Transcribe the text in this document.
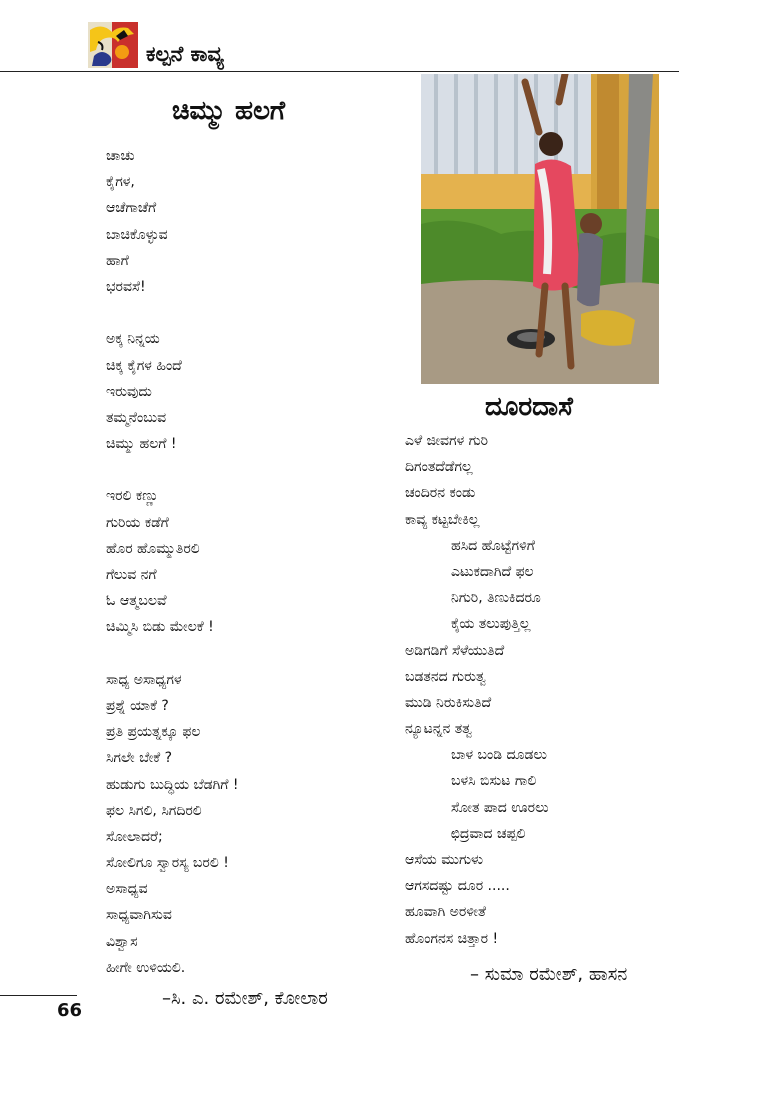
ಕಲ್ಪನೆ ಕಾವ್ಯ
ಚಿಮ್ಮು ಹಲಗೆ
ಚಾಚು
ಕೈಗಳ,
ಆಚೆಗಾಚೆಗೆ
ಬಾಚಿಕೊಳ್ಳುವ
ಹಾಗೆ
ಭರವಸೆ!
ಅಕ್ಕ ನಿನ್ನಯ
ಚಿಕ್ಕ ಕೈಗಳ ಹಿಂದೆ
ಇರುವುದು
ತಮ್ಮನೆಂಬುವ
ಚಿಮ್ಮು ಹಲಗೆ !
ಇರಲಿ ಕಣ್ಣು
ಗುರಿಯ ಕಡೆಗೆ
ಹೊರ ಹೊಮ್ಮುತಿರಲಿ
ಗೆಲುವ ನಗೆ
ಓ ಆತ್ಮಬಲವೆ
ಚಿಮ್ಮಿಸಿ ಬಿಡು ಮೇಲಕೆ !
ಸಾಧ್ಯ ಅಸಾಧ್ಯಗಳ
ಪ್ರಶ್ನೆ ಯಾಕೆ ?
ಪ್ರತಿ ಪ್ರಯತ್ನಕ್ಕೂ ಫಲ
ಸಿಗಲೇ ಬೇಕೆ ?
ಹುಡುಗು ಬುದ್ಧಿಯ ಬೆಡಗಿಗೆ !
ಫಲ ಸಿಗಲಿ, ಸಿಗದಿರಲಿ
ಸೋಲಾದರೆ;
ಸೋಲಿಗೂ ಸ್ವಾರಸ್ಯ ಬರಲಿ !
ಅಸಾಧ್ಯವ
ಸಾಧ್ಯವಾಗಿಸುವ
ವಿಶ್ವಾಸ
ಹೀಗೇ ಉಳಿಯಲಿ.
–ಸಿ. ಎ. ರಮೇಶ್, ಕೋಲಾರ
ದೂರದಾಸೆ
ಎಳೆ ಜೀವಗಳ ಗುರಿ
ದಿಗಂತದೆಡೆಗಲ್ಲ
ಚಂದಿರನ ಕಂಡು
ಕಾವ್ಯ ಕಟ್ಟಬೇಕಿಲ್ಲ
ಹಸಿದ ಹೊಟ್ಟೆಗಳಿಗೆ
ಎಟುಕದಾಗಿದೆ ಫಲ
ನಿಗುರಿ, ತಿಣುಕಿದರೂ
ಕೈಯ ತಲುಪುತ್ತಿಲ್ಲ
ಅಡಿಗಡಿಗೆ ಸೆಳೆಯುತಿದೆ
ಬಡತನದ ಗುರುತ್ವ
ಮುಡಿ ನಿರುಕಿಸುತಿದೆ
ನ್ಯೂಟನ್ನನ ತತ್ವ
ಬಾಳ ಬಂಡಿ ದೂಡಲು
ಬಳಸಿ ಬಿಸುಟ ಗಾಲಿ
ಸೋತ ಪಾದ ಊರಲು
ಛಿದ್ರವಾದ ಚಪ್ಪಲಿ
ಆಸೆಯ ಮುಗುಳು
ಆಗಸದಷ್ಟು ದೂರ .....
ಹೂವಾಗಿ ಅರಳೀತೆ
ಹೊಂಗನಸ ಚಿತ್ತಾರ !
– ಸುಮಾ ರಮೇಶ್, ಹಾಸನ
66
